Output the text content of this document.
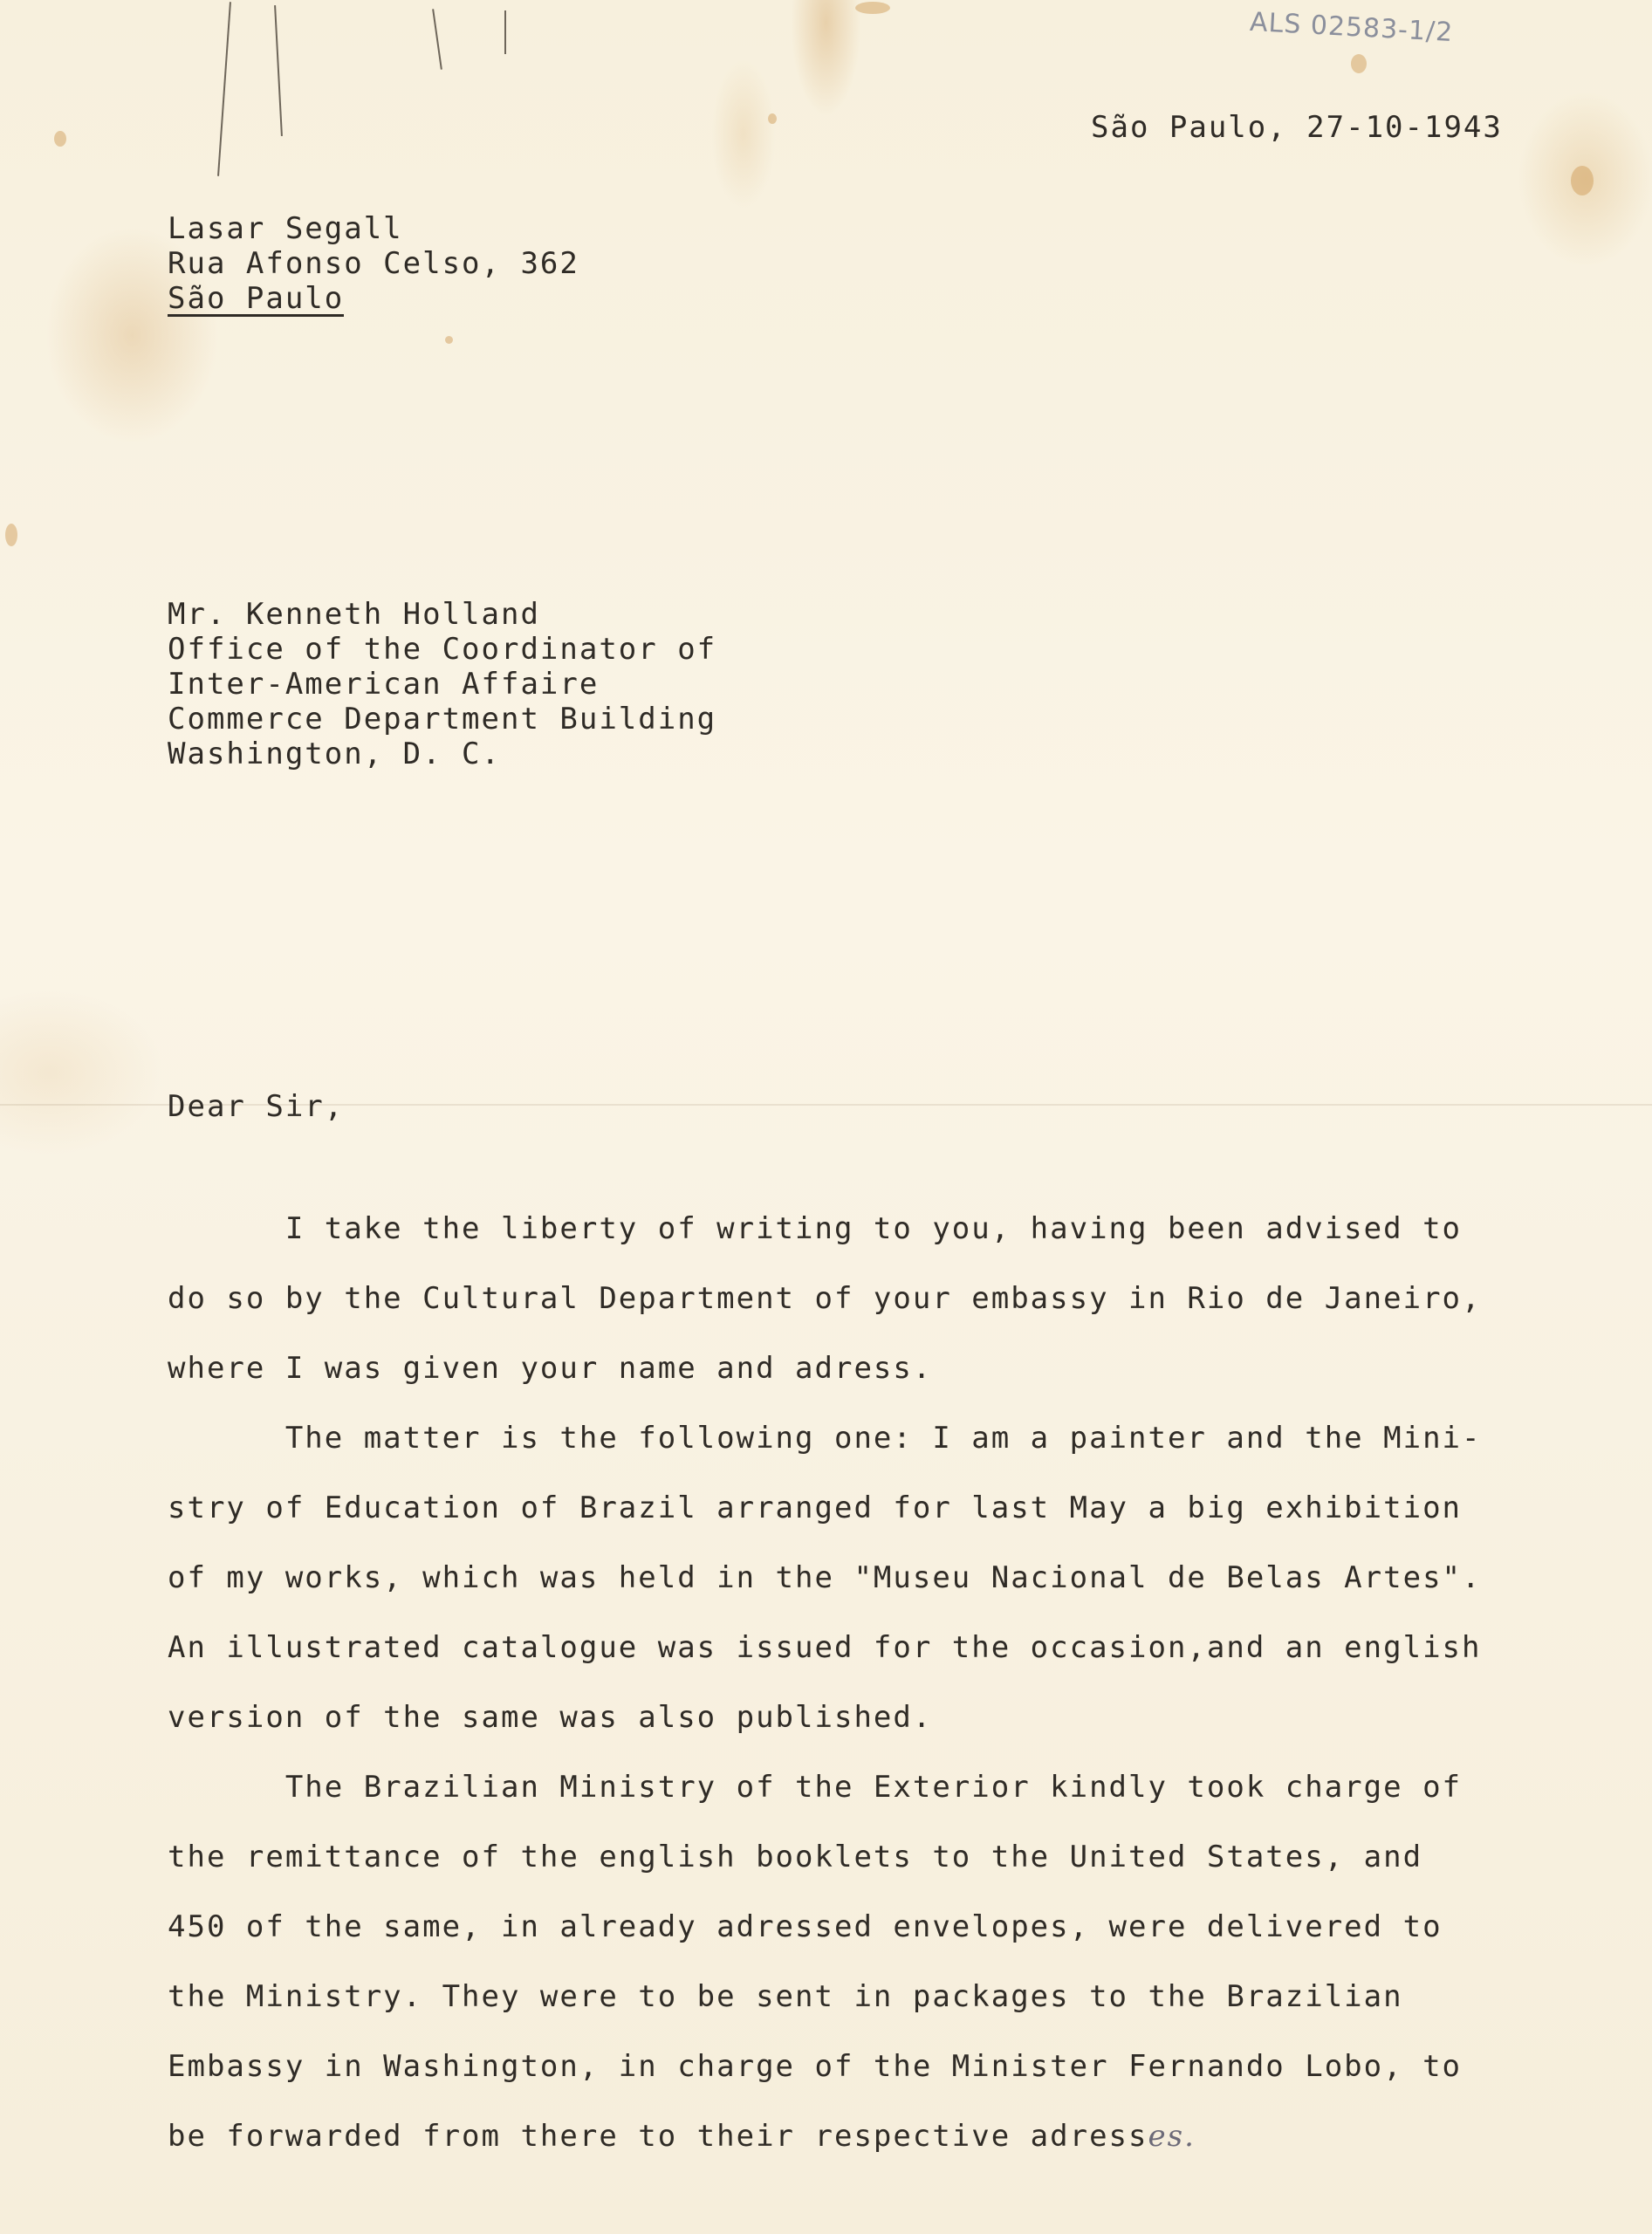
ALS 02583-1/2
São Paulo, 27-10-1943
Lasar Segall
Rua Afonso Celso, 362
São Paulo
Mr. Kenneth Holland
Office of the Coordinator of
Inter-American Affaire
Commerce Department Building
Washington, D. C.
Dear Sir,
I take the liberty of writing to you, having been advised to
do so by the Cultural Department of your embassy in Rio de Janeiro,
where I was given your name and adress.
The matter is the following one: I am a painter and the Mini-
stry of Education of Brazil arranged for last May a big exhibition
of my works, which was held in the "Museu Nacional de Belas Artes".
An illustrated catalogue was issued for the occasion,and an english
version of the same was also published.
The Brazilian Ministry of the Exterior kindly took charge of
the remittance of the english booklets to the United States, and
450 of the same, in already adressed envelopes, were delivered to
the Ministry. They were to be sent in packages to the Brazilian
Embassy in Washington, in charge of the Minister Fernando Lobo, to
be forwarded from there to their respective adresses.
